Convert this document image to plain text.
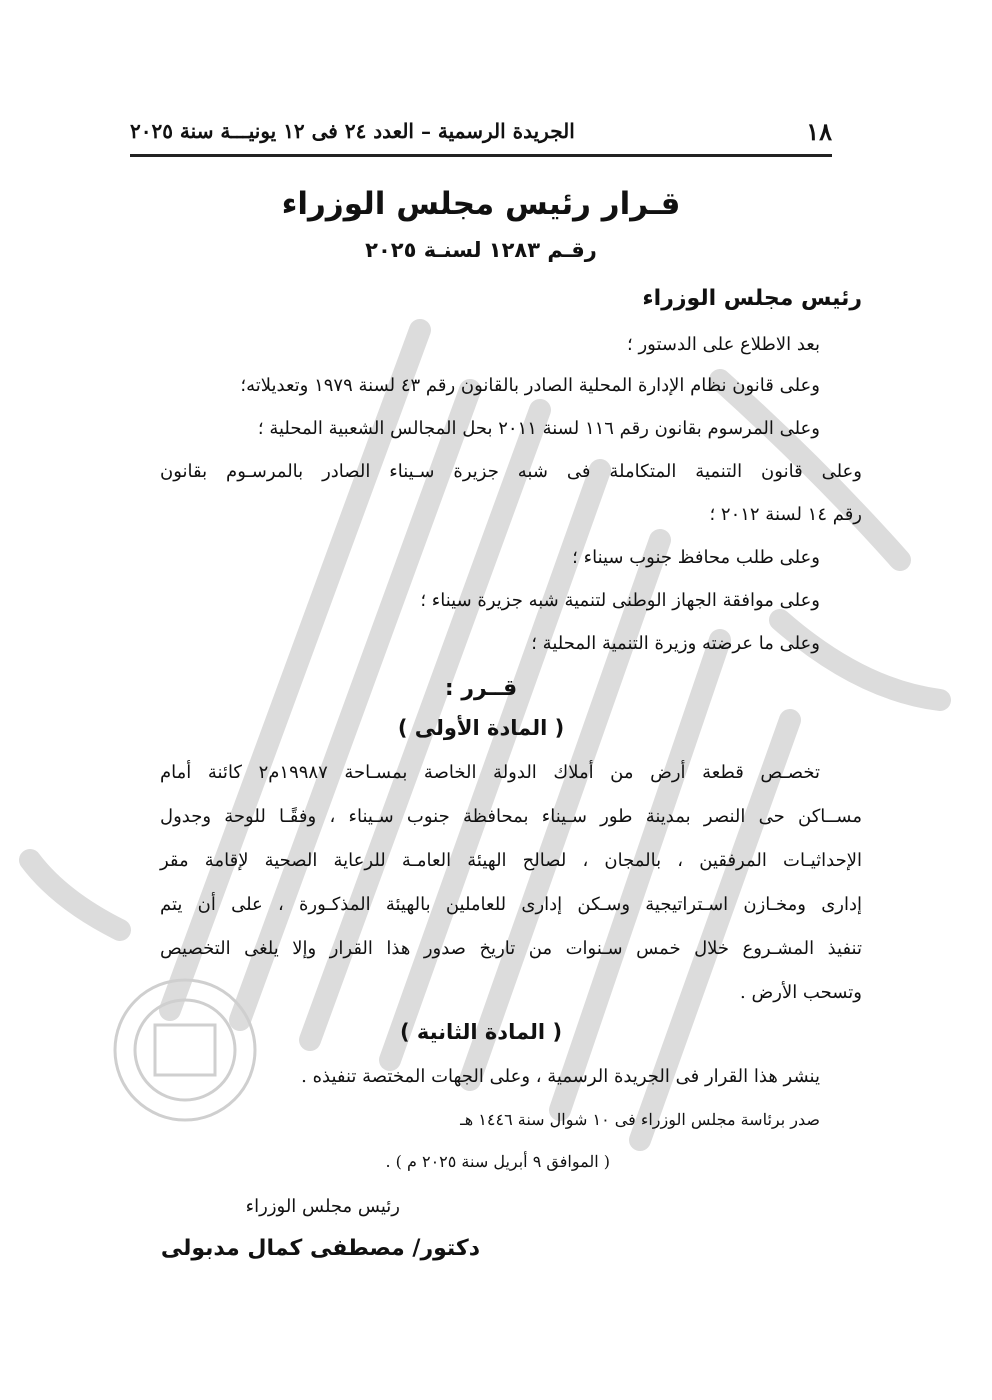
١٨
الجريدة الرسمية – العدد ٢٤ فى ١٢ يونيـــة سنة ٢٠٢٥
قـرار رئيس مجلس الوزراء
رقـم ١٢٨٣ لسنـة ٢٠٢٥
رئيس مجلس الوزراء
بعد الاطلاع على الدستور ؛
وعلى قانون نظام الإدارة المحلية الصادر بالقانون رقم ٤٣ لسنة ١٩٧٩ وتعديلاته؛
وعلى المرسوم بقانون رقم ١١٦ لسنة ٢٠١١ بحل المجالس الشعبية المحلية ؛
وعلى قانون التنمية المتكاملة فى شبه جزيرة سـيناء الصادر بالمرسـوم بقانون
رقم ١٤ لسنة ٢٠١٢ ؛
وعلى طلب محافظ جنوب سيناء ؛
وعلى موافقة الجهاز الوطنى لتنمية شبه جزيرة سيناء ؛
وعلى ما عرضته وزيرة التنمية المحلية ؛
قــرر :
( المادة الأولى )
تخصـص قطعة أرض من أملاك الدولة الخاصة بمسـاحة ١٩٩٨٧م٢ كائنة أمام
مســاكن حى النصر بمدينة طور سـيناء بمحافظة جنوب سـيناء ، وفقًـا للوحة وجدول
الإحداثيـات المرفقين ، بالمجان ، لصالح الهيئة العامـة للرعاية الصحية لإقامة مقر
إدارى ومخـازن اسـتراتيجية وسـكن إدارى للعاملين بالهيئة المذكـورة ، على أن يتم
تنفيذ المشـروع خلال خمس سـنوات من تاريخ صدور هذا القرار وإلا يلغى التخصيص
وتسحب الأرض .
( المادة الثانية )
ينشر هذا القرار فى الجريدة الرسمية ، وعلى الجهات المختصة تنفيذه .
صدر برئاسة مجلس الوزراء فى ١٠ شوال سنة ١٤٤٦ هـ
( الموافق ٩ أبريل سنة ٢٠٢٥ م ) .
رئيس مجلس الوزراء
دكتور/ مصطفى كمال مدبولى
